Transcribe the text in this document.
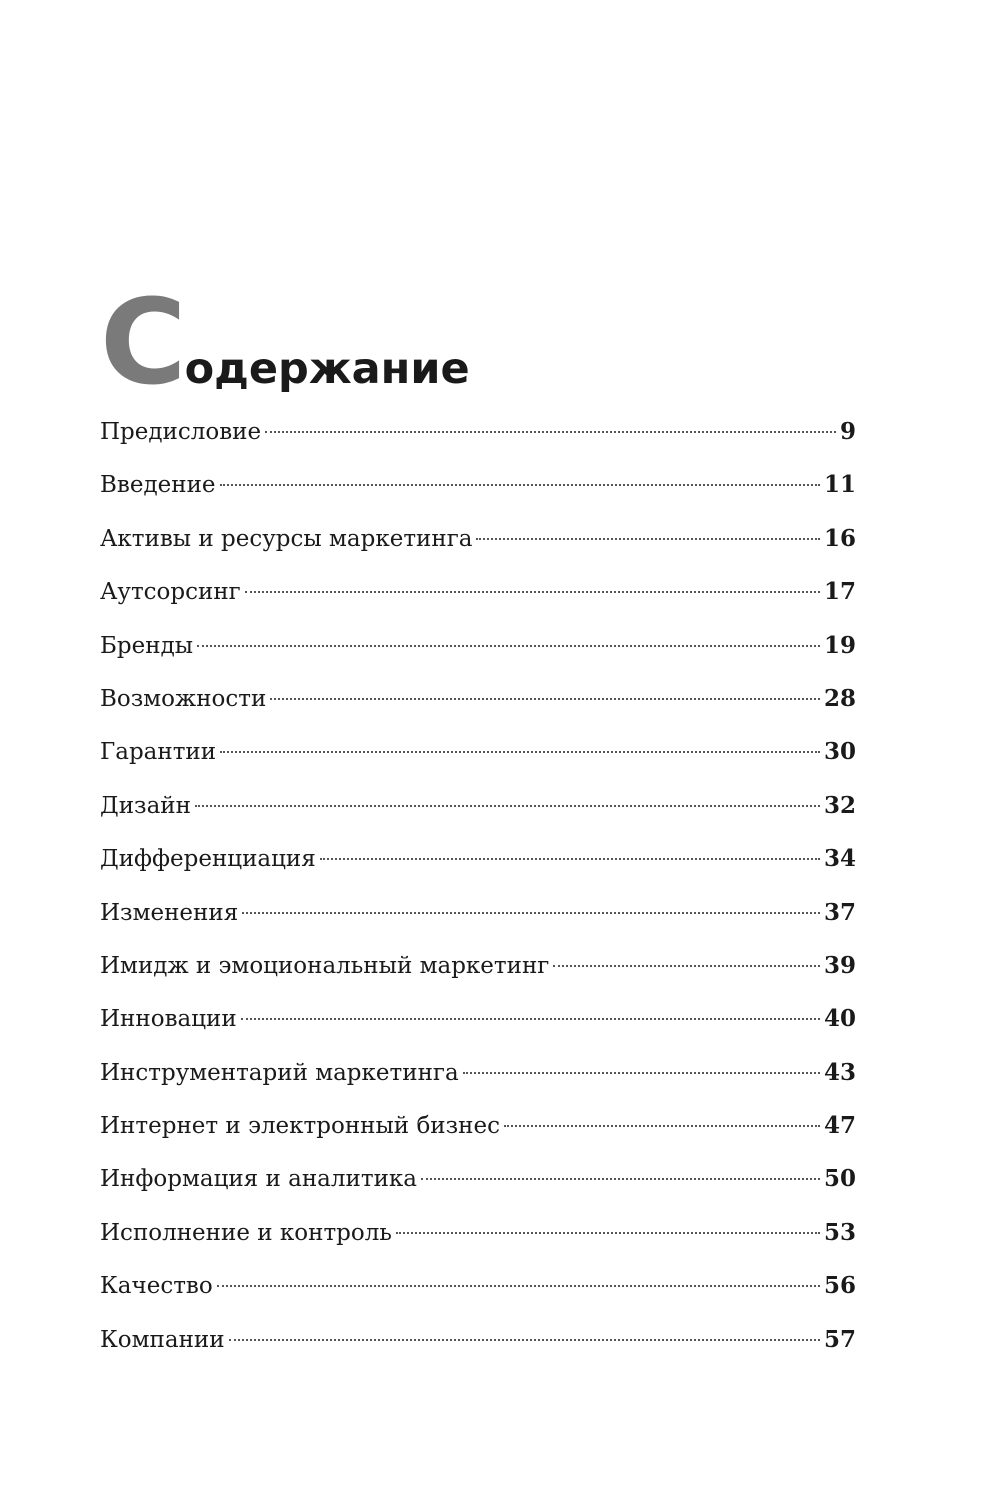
С одержание
Предисловие	9
Введение	11
Активы и ресурсы маркетинга	16
Аутсорсинг	17
Бренды	19
Возможности	28
Гарантии	30
Дизайн	32
Дифференциация	34
Изменения	37
Имидж и эмоциональный маркетинг	39
Инновации	40
Инструментарий маркетинга	43
Интернет и электронный бизнес	47
Информация и аналитика	50
Исполнение и контроль	53
Качество	56
Компании	57
